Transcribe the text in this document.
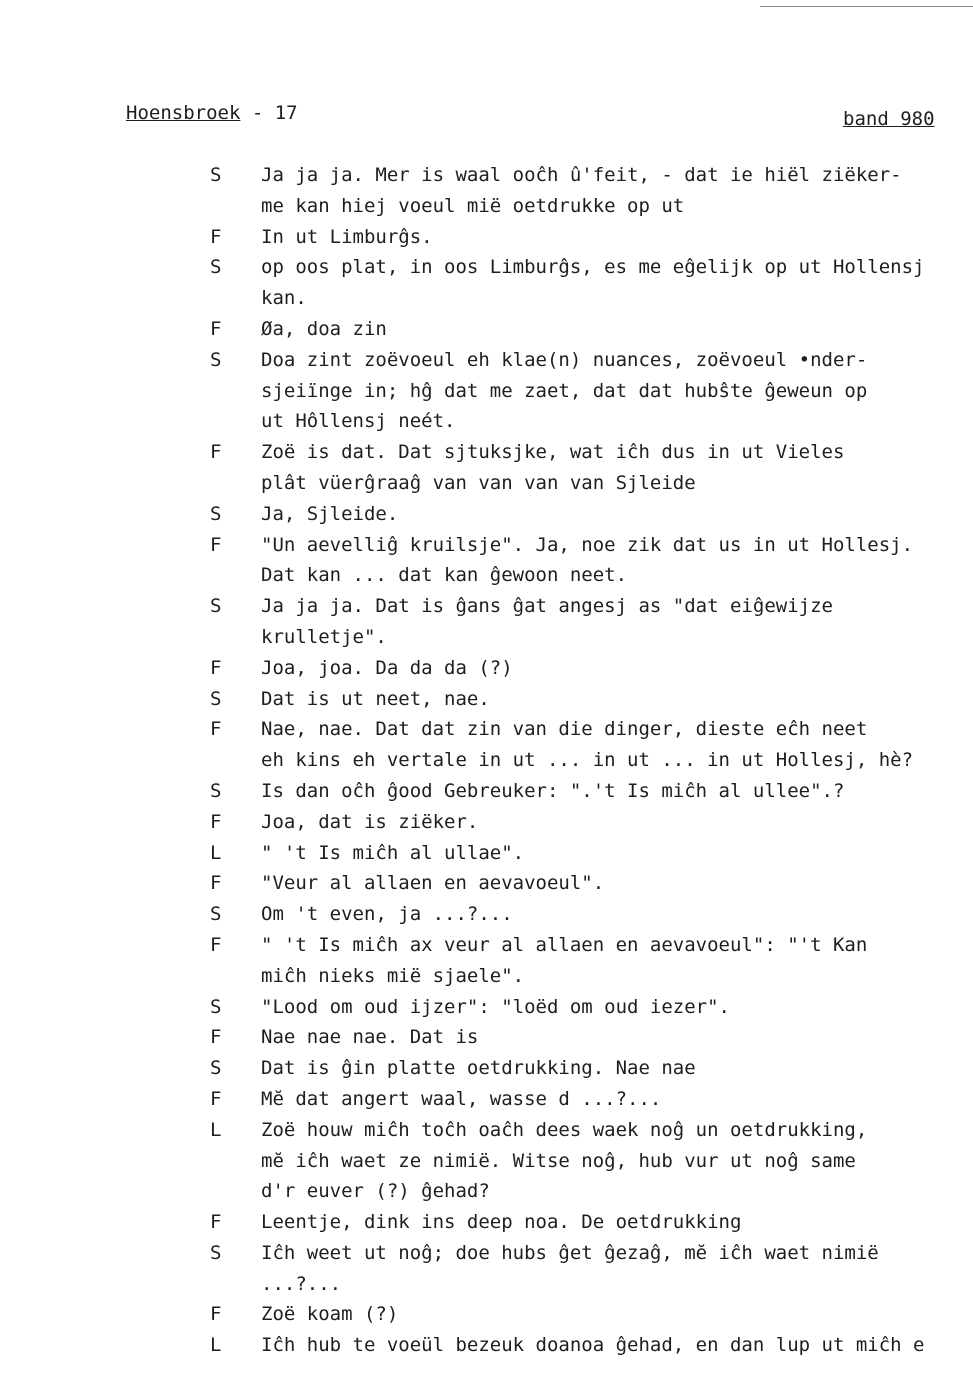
Hoensbroek - 17	band 980
S	Ja ja ja. Mer is waal ooĉh û'feit, - dat ie hiël ziëker-
me kan hiej voeul mië oetdrukke op ut
F	In ut Limburĝs.
S	op oos plat, in oos Limburĝs, es me eĝelijk op ut Hollensj
kan.
F	Øa, doa zin
S	Doa zint zoëvoeul eh klae(n) nuances, zoëvoeul •nder-
sjeiïnge in; hĝ dat me zaet, dat dat hubŝte ĝeweun op
ut Hôllensj neét.
F	Zoë is dat. Dat sjtuksjke, wat iĉh dus in ut Vieles
plât vüerĝraaĝ van van van van Sjleide
S	Ja, Sjleide.
F	"Un aevelliĝ kruilsje". Ja, noe zik dat us in ut Hollesj.
Dat kan ... dat kan ĝewoon neet.
S	Ja ja ja. Dat is ĝans ĝat angesj as "dat eiĝewijze
krulletje".
F	Joa, joa. Da da da (?)
S	Dat is ut neet, nae.
F	Nae, nae. Dat dat zin van die dinger, dieste eĉh neet
eh kins eh vertale in ut ... in ut ... in ut Hollesj, hè?
S	Is dan oĉh ĝood Gebreuker: ".'t Is miĉh al ullee".?
F	Joa, dat is ziëker.
L	" 't Is miĉh al ullae".
F	"Veur al allaen en aevavoeul".
S	Om 't even, ja ...?...
F	" 't Is miĉh ax veur al allaen en aevavoeul": "'t Kan
miĉh nieks mië sjaele".
S	"Lood om oud ijzer": "loëd om oud iezer".
F	Nae nae nae. Dat is
S	Dat is ĝin platte oetdrukking. Nae nae
F	Mĕ dat angert waal, wasse d ...?...
L	Zoë houw miĉh toĉh oaĉh dees waek noĝ un oetdrukking,
mĕ iĉh waet ze nimië. Witse noĝ, hub vur ut noĝ same
d'r euver (?) ĝehad?
F	Leentje, dink ins deep noa. De oetdrukking
S	Iĉh weet ut noĝ; doe hubs ĝet ĝezaĝ, mĕ iĉh waet nimië
...?...
F	Zoë koam (?)
L	Iĉh hub te voeül bezeuk doanoa ĝehad, en dan lup ut miĉh e
